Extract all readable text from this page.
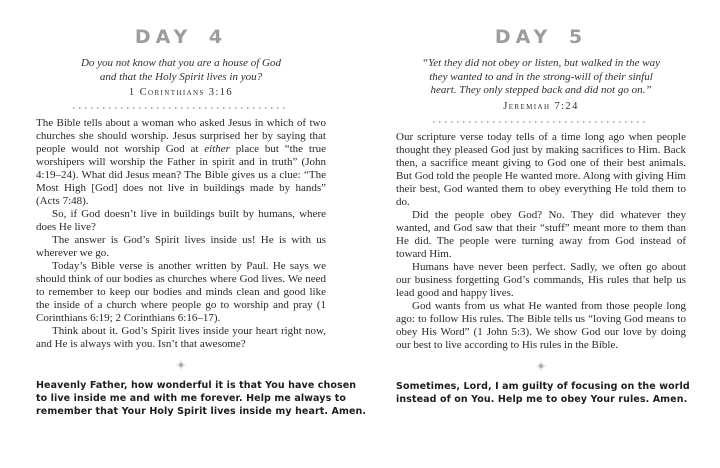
DAY 4
Do you not know that you are a house of God
and that the Holy Spirit lives in you?
1 Corinthians 3:16

The Bible tells about a woman who asked Jesus in which of two churches she should worship. Jesus surprised her by saying that people would not worship God at either place but “the true worshipers will worship the Father in spirit and in truth” (John 4:19–24). What did Jesus mean? The Bible gives us a clue: “The Most High [God] does not live in buildings made by hands” (Acts 7:48).

So, if God doesn’t live in buildings built by humans, where does He live?

The answer is God’s Spirit lives inside us! He is with us wherever we go.

Today’s Bible verse is another written by Paul. He says we should think of our bodies as churches where God lives. We need to remember to keep our bodies and minds clean and good like the inside of a church where people go to worship and pray (1 Corinthians 6:19; 2 Corinthians 6:16–17).

Think about it. God’s Spirit lives inside your heart right now, and He is always with you. Isn’t that awesome?

Heavenly Father, how wonderful it is that You have chosen
to live inside me and with me forever. Help me always to
remember that Your Holy Spirit lives inside my heart. Amen.
DAY 5
“Yet they did not obey or listen, but walked in the way
they wanted to and in the strong-will of their sinful
heart. They only stepped back and did not go on.”
Jeremiah 7:24

Our scripture verse today tells of a time long ago when people thought they pleased God just by making sacrifices to Him. Back then, a sacrifice meant giving to God one of their best animals. But God told the people He wanted more. Along with giving Him their best, God wanted them to obey everything He told them to do.

Did the people obey God? No. They did whatever they wanted, and God saw that their “stuff” meant more to them than He did. The people were turning away from God instead of toward Him.

Humans have never been perfect. Sadly, we often go about our business forgetting God’s commands, His rules that help us lead good and happy lives.

God wants from us what He wanted from those people long ago: to follow His rules. The Bible tells us “loving God means to obey His Word” (1 John 5:3). We show God our love by doing our best to live according to His rules in the Bible.

Sometimes, Lord, I am guilty of focusing on the world
instead of on You. Help me to obey Your rules. Amen.
